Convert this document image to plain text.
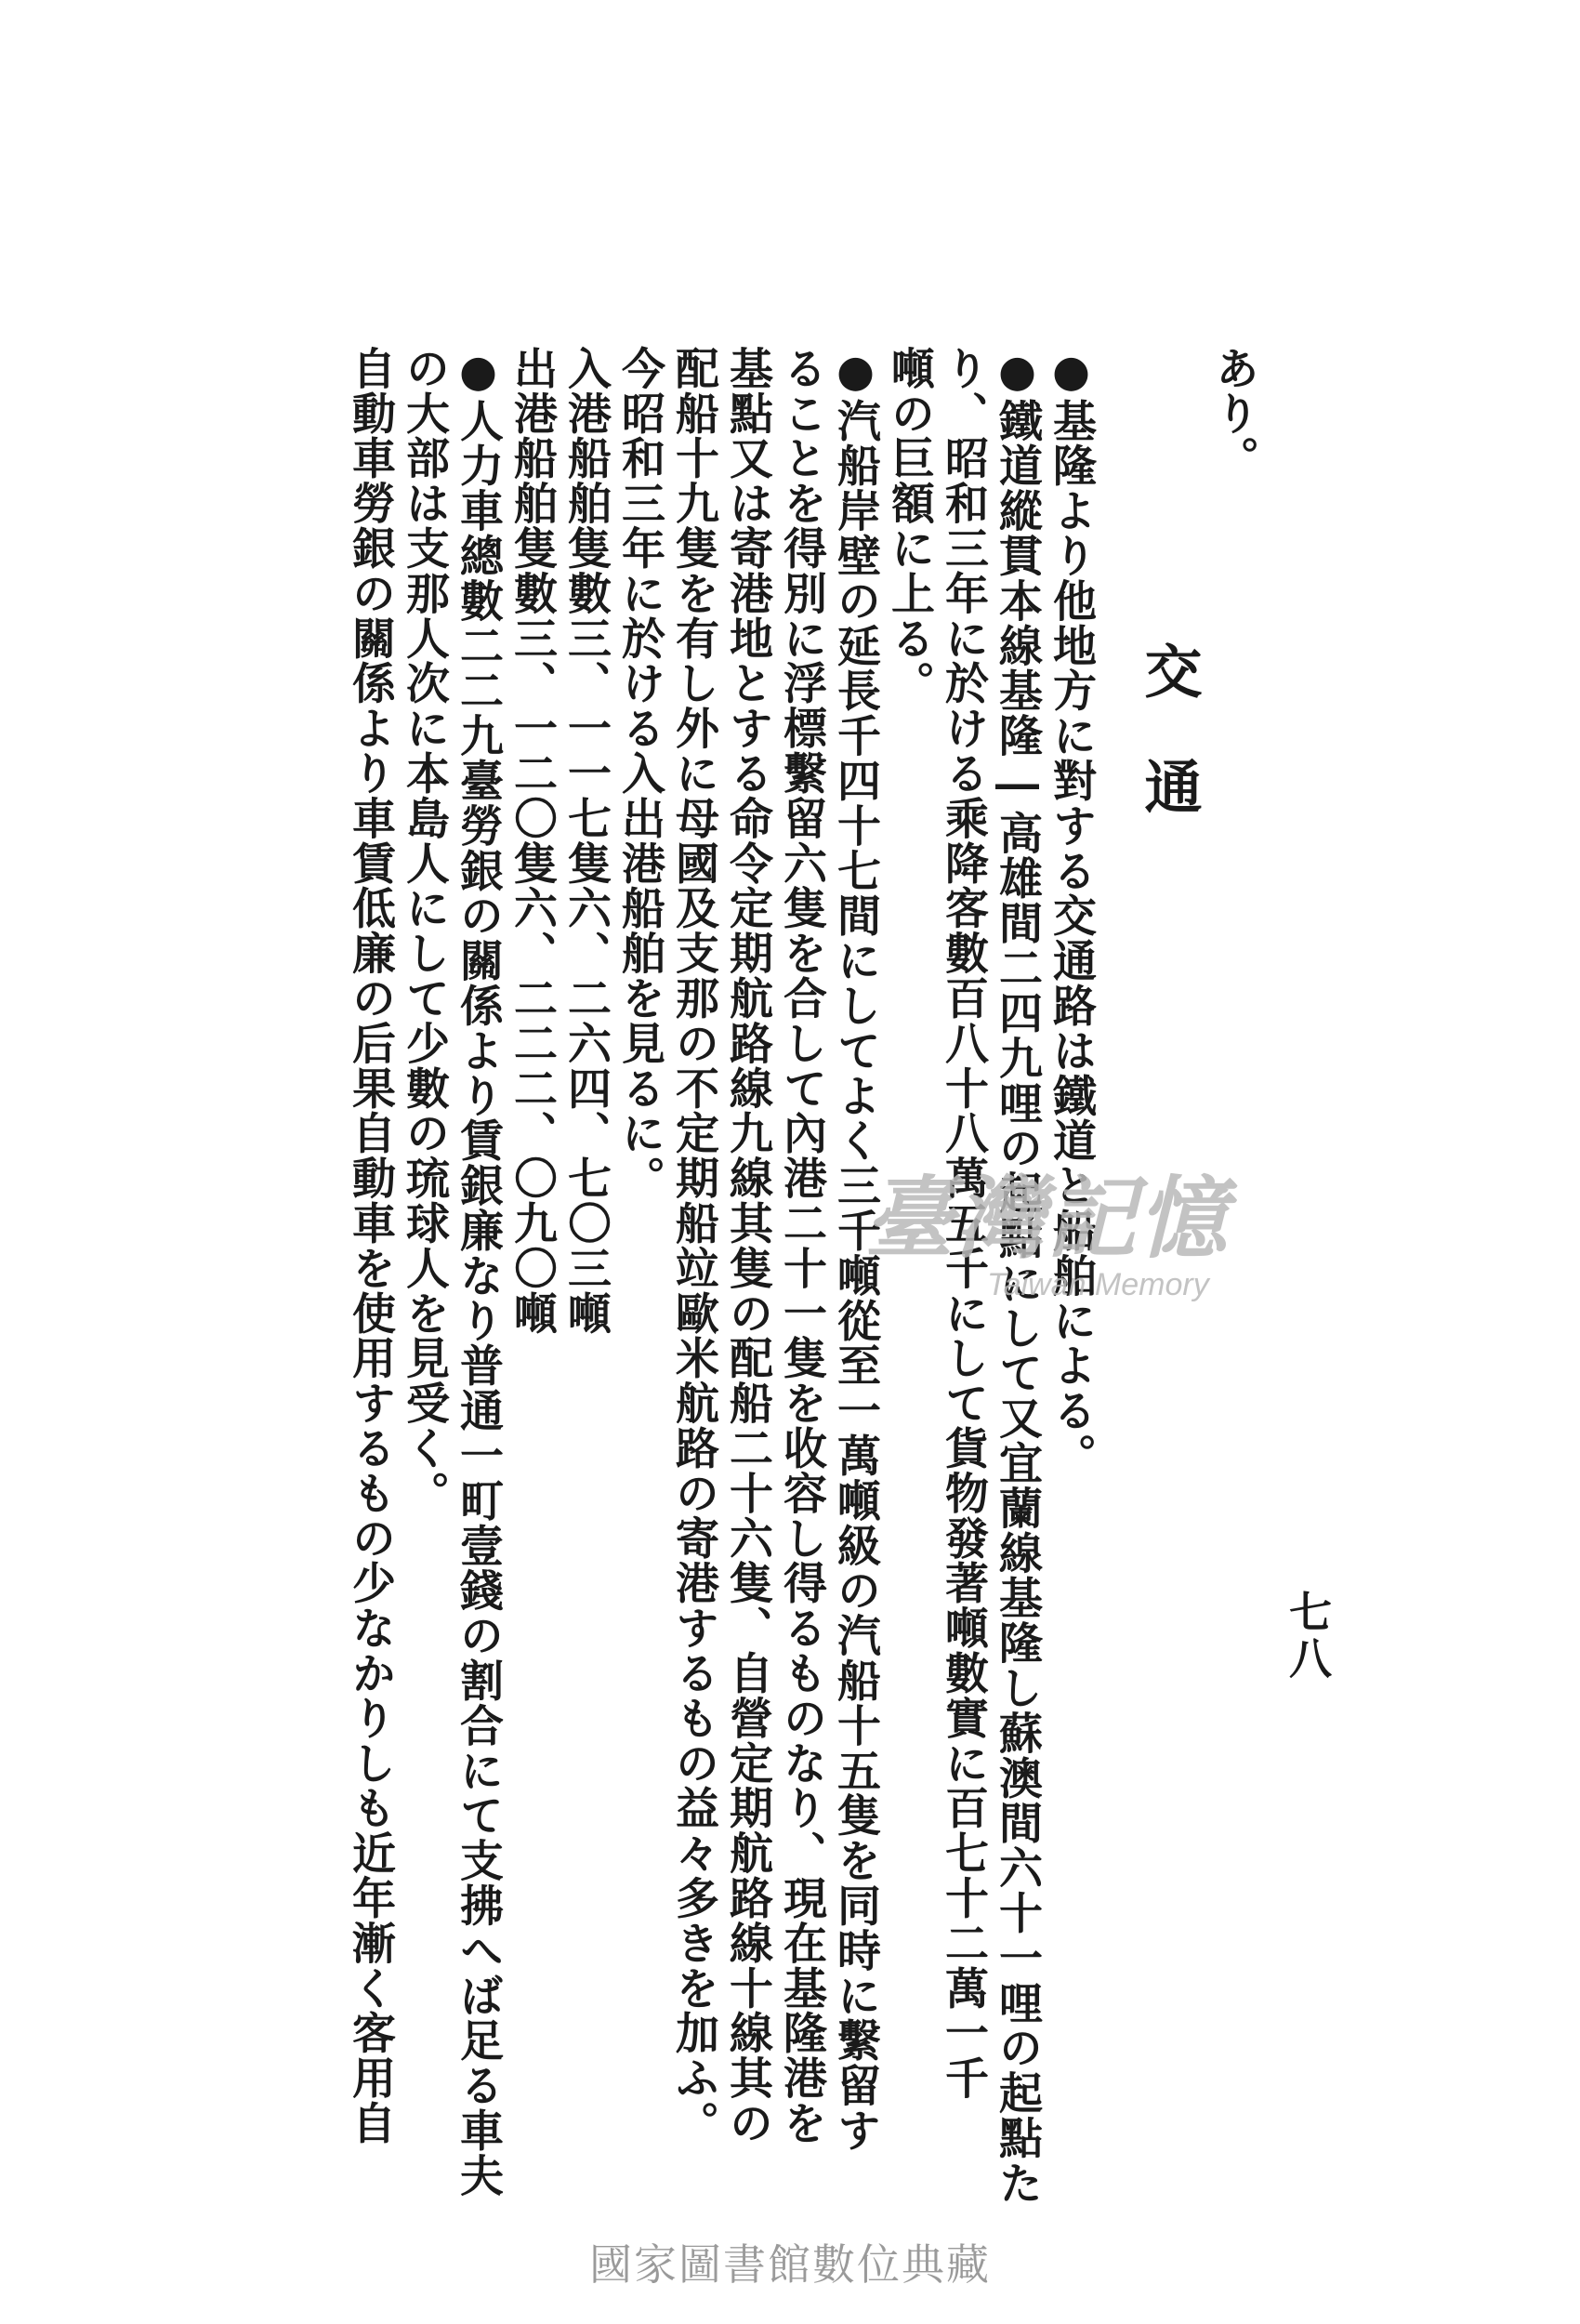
七八
交通
あり。
●基隆より他地方に對する交通路は鐵道と船舶による。
●鐵道縱貫本線基隆―高雄間二四九哩の起點にして又宜蘭線基隆し蘇澳間六十一哩の起點た
り、昭和三年に於ける乘降客數百八十八萬五千にして貨物發著噸數實に百七十二萬一千
噸の巨額に上る。
●汽船岸壁の延長千四十七間にしてよく三千噸從至一萬噸級の汽船十五隻を同時に繫留す
ることを得別に浮標繫留六隻を合して內港二十一隻を收容し得るものなり、現在基隆港を
基點又は寄港地とする命令定期航路線九線其隻の配船二十六隻、自營定期航路線十線其の
配船十九隻を有し外に母國及支那の不定期船竝歐米航路の寄港するもの益々多きを加ふ。
今昭和三年に於ける入出港船舶を見るに。
入港船舶隻數三、一一七隻六、二六四、七〇三噸
出港船舶隻數三、一二〇隻六、二二二、〇九〇噸
●人力車總數二二九臺勞銀の關係より賃銀廉なり普通一町壹錢の割合にて支拂へば足る車夫
の大部は支那人次に本島人にして少數の琉球人を見受く。
自動車勞銀の關係より車賃低廉の后果自動車を使用するもの少なかりしも近年漸く客用自	臺灣記憶
Taiwan Memory
國家圖書館數位典藏
